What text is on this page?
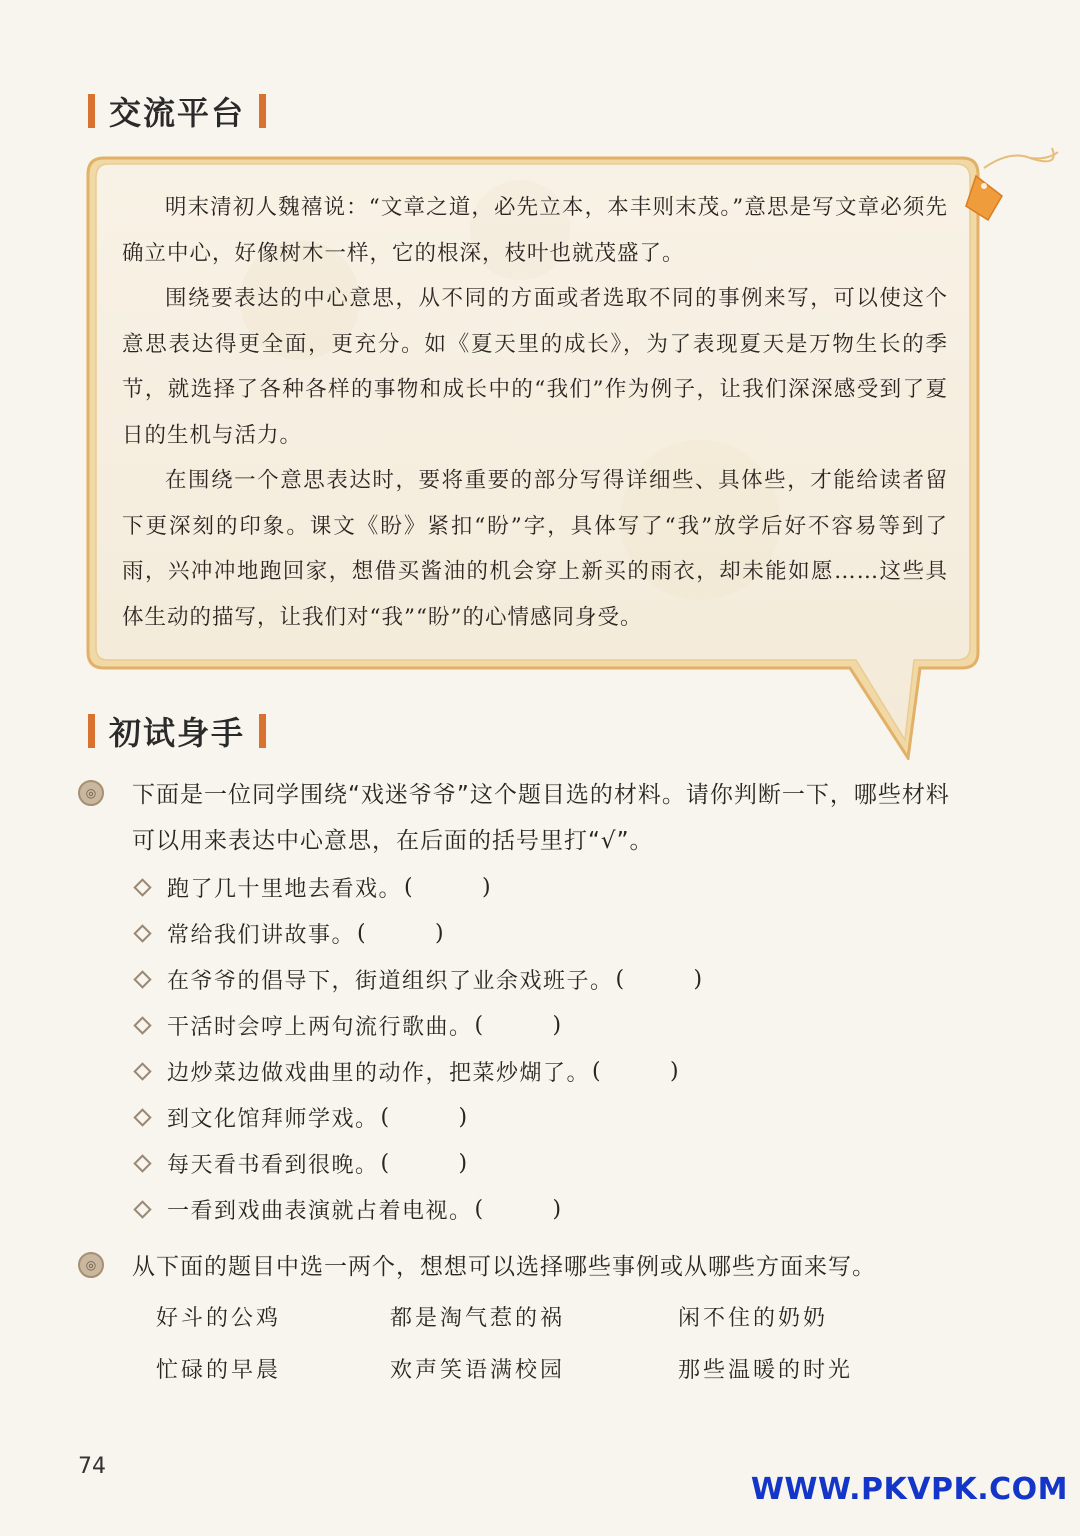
交流平台

明末清初人魏禧说：“文章之道，必先立本，本丰则末茂。”意思是写文章必须先确立中心，好像树木一样，它的根深，枝叶也就茂盛了。

围绕要表达的中心意思，从不同的方面或者选取不同的事例来写，可以使这个意思表达得更全面，更充分。如《夏天里的成长》，为了表现夏天是万物生长的季节，就选择了各种各样的事物和成长中的“我们”作为例子，让我们深深感受到了夏日的生机与活力。

在围绕一个意思表达时，要将重要的部分写得详细些、具体些，才能给读者留下更深刻的印象。课文《盼》紧扣“盼”字，具体写了“我”放学后好不容易等到了雨，兴冲冲地跑回家，想借买酱油的机会穿上新买的雨衣，却未能如愿……这些具体生动的描写，让我们对“我”“盼”的心情感同身受。

初试身手
◎	下面是一位同学围绕“戏迷爷爷”这个题目选的材料。请你判断一下，哪些材料可以用来表达中心意思，在后面的括号里打“√”。
跑了几十里地去看戏。 (        )
常给我们讲故事。 (        )
在爷爷的倡导下，街道组织了业余戏班子。 (        )
干活时会哼上两句流行歌曲。 (        )
边炒菜边做戏曲里的动作，把菜炒煳了。 (        )
到文化馆拜师学戏。 (        )
每天看书看到很晚。 (        )
一看到戏曲表演就占着电视。 (        )
◎	从下面的题目中选一两个，想想可以选择哪些事例或从哪些方面来写。
好斗的公鸡	都是淘气惹的祸	闲不住的奶奶
忙碌的早晨	欢声笑语满校园	那些温暖的时光
74
WWW.PKVPK.COM
